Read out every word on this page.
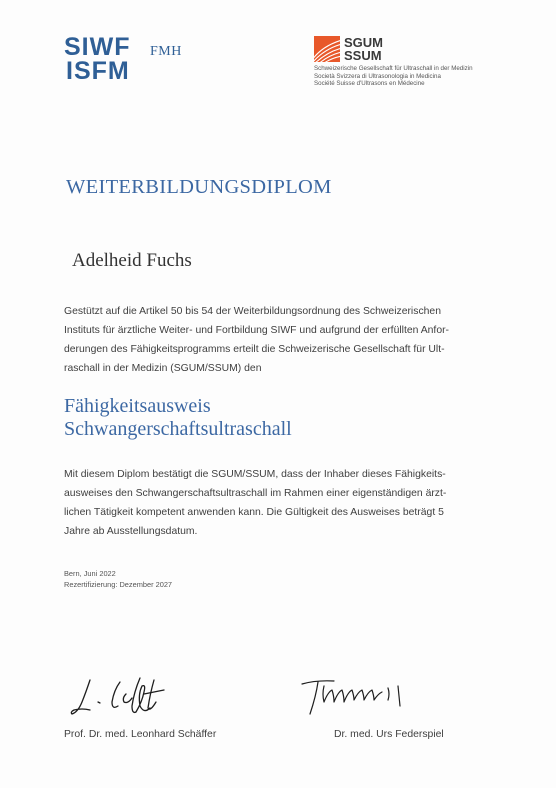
SIWF FMH
ISFM
SGUM
SSUM
Schweizerische Gesellschaft für Ultraschall in der Medizin
Società Svizzera di Ultrasonologia in Medicina
Société Suisse d'Ultrasons en Médecine
WEITERBILDUNGSDIPLOM
Adelheid Fuchs
Gestützt auf die Artikel 50 bis 54 der Weiterbildungsordnung des Schweizerischen
Instituts für ärztliche Weiter- und Fortbildung SIWF und aufgrund der erfüllten Anfor-
derungen des Fähigkeitsprogramms erteilt die Schweizerische Gesellschaft für Ult-
raschall in der Medizin (SGUM/SSUM) den
Fähigkeitsausweis
Schwangerschaftsultraschall
Mit diesem Diplom bestätigt die SGUM/SSUM, dass der Inhaber dieses Fähigkeits-
ausweises den Schwangerschaftsultraschall im Rahmen einer eigenständigen ärzt-
lichen Tätigkeit kompetent anwenden kann. Die Gültigkeit des Ausweises beträgt 5
Jahre ab Ausstellungsdatum.
Bern, Juni 2022
Rezertifizierung: Dezember 2027
Prof. Dr. med. Leonhard Schäffer	Dr. med. Urs Federspiel
